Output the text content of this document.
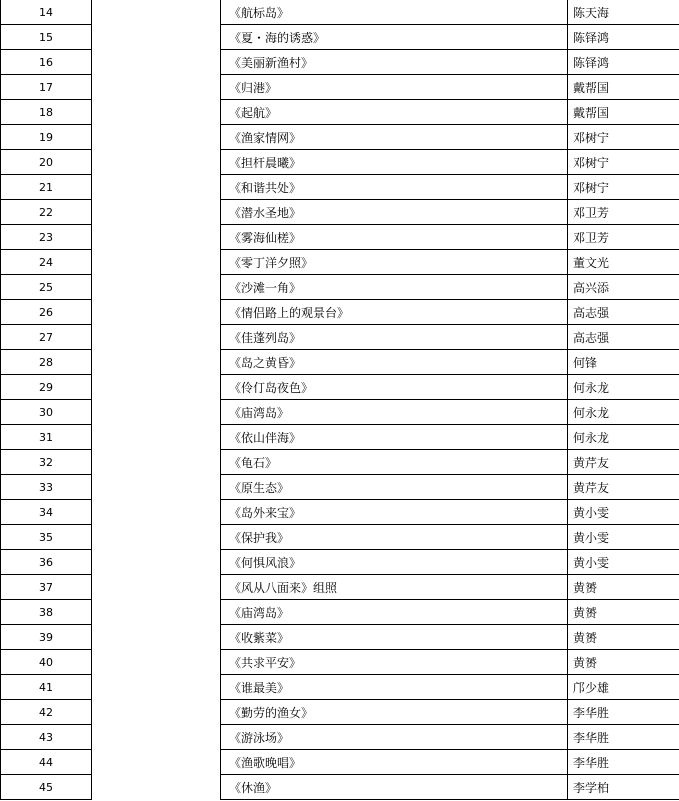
14		《航标岛》	陈天海
15		《夏・海的诱惑》	陈铎鸿
16		《美丽新渔村》	陈铎鸿
17		《归港》	戴帮国
18		《起航》	戴帮国
19		《渔家情网》	邓树宁
20		《担杆晨曦》	邓树宁
21		《和谐共处》	邓树宁
22		《潜水圣地》	邓卫芳
23		《雾海仙槎》	邓卫芳
24		《零丁洋夕照》	董文光
25		《沙滩一角》	高兴添
26		《情侣路上的观景台》	高志强
27		《佳蓬列岛》	高志强
28		《岛之黄昏》	何锋
29		《伶仃岛夜色》	何永龙
30		《庙湾岛》	何永龙
31		《依山伴海》	何永龙
32		《龟石》	黄芹友
33		《原生态》	黄芹友
34		《岛外来宝》	黄小雯
35		《保护我》	黄小雯
36		《何惧风浪》	黄小雯
37		《风从八面来》组照	黄赟
38		《庙湾岛》	黄赟
39		《收紫菜》	黄赟
40		《共求平安》	黄赟
41		《谁最美》	邝少雄
42		《勤劳的渔女》	李华胜
43		《游泳场》	李华胜
44		《渔歌晚唱》	李华胜
45		《休渔》	李学柏
